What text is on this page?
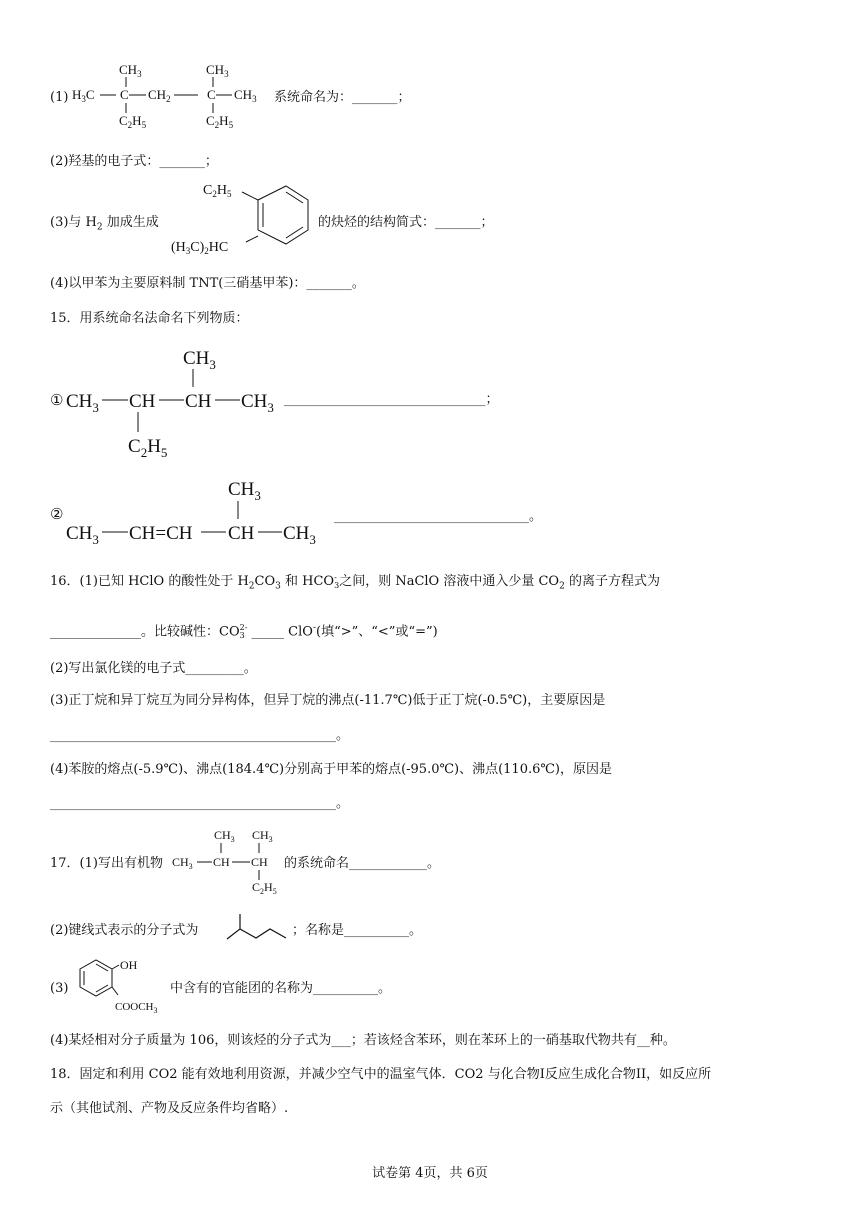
(1)
$CH_3$
$H_3C$ C
$C_2H_5$
$CH_2$
$CH_3$
C $CH_3$
$C_2H_5$
系统命名为：_______；
(2)羟基的电子式：_______；
(3)与 $H_2$ 加成生成
$C_2H_5$
$(H_3C)_2HC$
的炔烃的结构简式：_______；
(4)以甲苯为主要原料制 TNT(三硝基甲苯)：_______。
15．用系统命名法命名下列物质：
①
$CH_3$
$CH_3$ CH CH $CH_3$
$C_2H_5$
_______________________________；
②
$CH_3$
$CH_3$ CH=CH CH $CH_3$
______________________________。
16．(1)已知 HClO 的酸性处于 $H_2CO_3$ 和 HCO-
3之间，则 NaClO 溶液中通入少量 $CO_2$ 的离子方程式为
______________。比较碱性：CO2-
3 _____ ClO-(填“>”、“<”或“=”)
(2)写出氯化镁的电子式_________。
(3)正丁烷和异丁烷互为同分异构体，但异丁烷的沸点(-11.7℃)低于正丁烷(-0.5℃)，主要原因是
____________________________________________。
(4)苯胺的熔点(-5.9℃)、沸点(184.4℃)分别高于甲苯的熔点(-95.0℃)、沸点(110.6℃)，原因是
____________________________________________。
17．(1)写出有机物
$CH_3$ $CH_3$
$CH_3$ CH CH
$C_2H_5$
的系统命名____________。
(2)键线式表示的分子式为	；名称是__________。
(3)
OH
$COOCH_3$
中含有的官能团的名称为__________。
(4)某烃相对分子质量为 106，则该烃的分子式为___；若该烃含苯环，则在苯环上的一硝基取代物共有__种。
18．固定和利用 CO2 能有效地利用资源，并减少空气中的温室气体．CO2 与化合物I反应生成化合物II，如反应所
示（其他试剂、产物及反应条件均省略）.
试卷第 4页，共 6页
